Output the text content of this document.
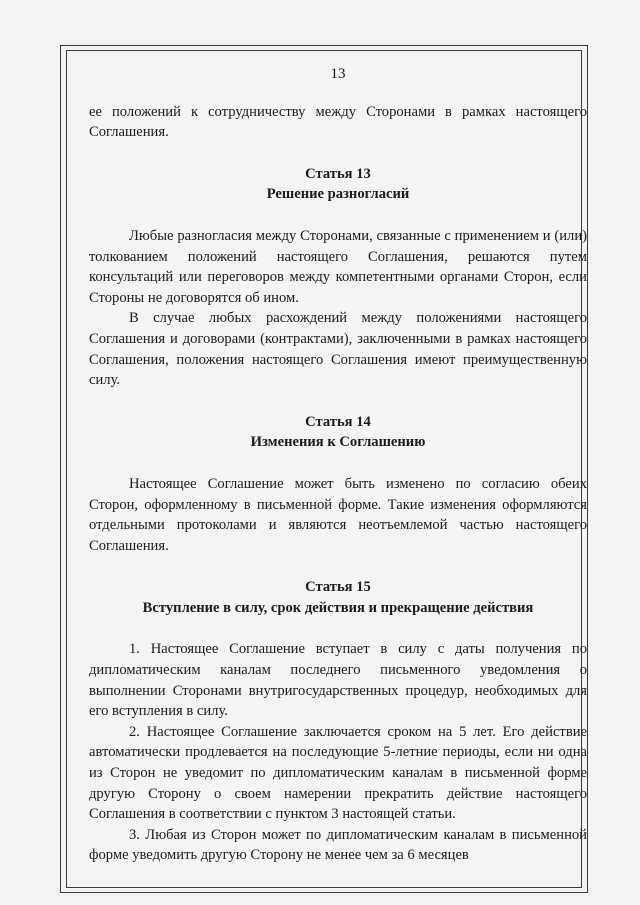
13

ее положений к сотрудничеству между Сторонами в рамках настоящего Соглашения.

Статья 13

Решение разногласий

Любые разногласия между Сторонами, связанные с применением и (или) толкованием положений настоящего Соглашения, решаются путем консультаций или переговоров между компетентными органами Сторон, если Стороны не договорятся об ином.

В случае любых расхождений между положениями настоящего Соглашения и договорами (контрактами), заключенными в рамках настоящего Соглашения, положения настоящего Соглашения имеют преимущественную силу.

Статья 14

Изменения к Соглашению

Настоящее Соглашение может быть изменено по согласию обеих Сторон, оформленному в письменной форме. Такие изменения оформляются отдельными протоколами и являются неотъемлемой частью настоящего Соглашения.

Статья 15

Вступление в силу, срок действия и прекращение действия

1. Настоящее Соглашение вступает в силу с даты получения по дипломатическим каналам последнего письменного уведомления о выполнении Сторонами внутригосударственных процедур, необходимых для его вступления в силу.

2. Настоящее Соглашение заключается сроком на 5 лет. Его действие автоматически продлевается на последующие 5-летние периоды, если ни одна из Сторон не уведомит по дипломатическим каналам в письменной форме другую Сторону о своем намерении прекратить действие настоящего Соглашения в соответствии с пунктом 3 настоящей статьи.

3. Любая из Сторон может по дипломатическим каналам в письменной форме уведомить другую Сторону не менее чем за 6 месяцев
